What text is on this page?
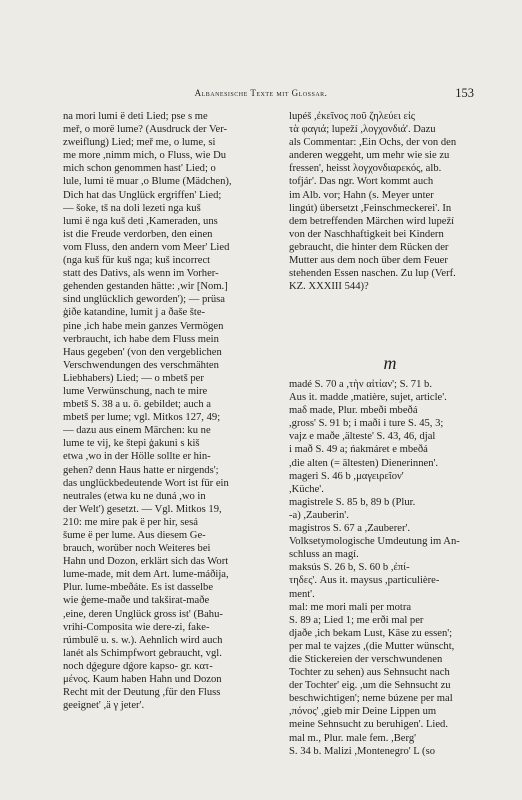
Albanesische Texte mit Glossar.	153
na mori lumi ë deti Lied; pse s me
meř, o morë lume? (Ausdruck der Ver-
zweiflung) Lied; meř me, o lume, si
me more ,nimm mich, o Fluss, wie Du
mich schon genommen hast' Lied; o
lule, lumi të muar ,o Blume (Mädchen),
Dich hat das Unglück ergriffen' Lied;
— šoke, tš na doli lezeti nga kuš
lumi ë nga kuš deti ,Kameraden, uns
ist die Freude verdorben, den einen
vom Fluss, den andern vom Meer' Lied
(nga kuš für kuš nga; kuš incorrect
statt des Dativs, als wenn im Vorher-
gehenden gestanden hätte: ,wir [Nom.]
sind unglücklich geworden'); — prüsa
ģiðe katandine, lumit j a ðaše šte-
pine ,ich habe mein ganzes Vermögen
verbraucht, ich habe dem Fluss mein
Haus gegeben' (von den vergeblichen
Verschwendungen des verschmähten
Liebhabers) Lied; — o mbetš per
lume Verwünschung, nach te mire
mbetš S. 38 a u. ö. gebildet; auch a
mbetš per lume; vgl. Mitkos 127, 49;
— dazu aus einem Märchen: ku ne
lume te vij, ke štepi ģakuni s kiš
etwa ,wo in der Hölle sollte er hin-
gehen? denn Haus hatte er nirgends';
das unglückbedeutende Wort ist für ein
neutrales (etwa ku ne duná ,wo in
der Welt') gesetzt. — Vgl. Mitkos 19,
210: me mire pak ë per hir, sesá
šume ë per lume. Aus diesem Ge-
brauch, worüber noch Weiteres bei
Hahn und Dozon, erklärt sich das Wort
lume-made, mit dem Art. lume-máðija,
Plur. lume-mbeðáte. Es ist dasselbe
wie ģeme-maðe und takširat-maðe
,eine, deren Unglück gross ist' (Bahu-
vrihi-Composita wie dere-zi, fake-
rúmbulë u. s. w.). Aehnlich wird auch
lanét als Schimpfwort gebraucht, vgl.
noch dǵegure dǵore kapso- gr. κατ-
μένος. Kaum haben Hahn und Dozon
Recht mit der Deutung ,für den Fluss
geeignet' ,ä γ jeter'.
lupéš ,ἐκεῖνος ποῦ ζηλεύει εἰς
τὰ φαγιά; lupeží ,λογχονδιά'. Dazu
als Commentar: ,Ein Ochs, der von den
anderen weggeht, um mehr wie sie zu
fressen', heisst λογχονδιαρεκός, alb.
tofjár'. Das ngr. Wort kommt auch
im Alb. vor; Hahn (s. Meyer unter
lingút) übersetzt ,Feinschmeckerei'. In
dem betreffenden Märchen wird lupeží
von der Naschhaftigkeit bei Kindern
gebraucht, die hinter dem Rücken der
Mutter aus dem noch über dem Feuer
stehenden Essen naschen. Zu lup (Verf.
KZ. XXXIII 544)?
m
madé S. 70 a ,τὴν αἰτίαν'; S. 71 b.
Aus it. madde ,matière, sujet, article'.
maδ made, Plur. mbeði mbeðá
,gross' S. 91 b; i maði i ture S. 45, 3;
vajz e maðe ,älteste' S. 43, 46, djal
i mað S. 49 a; ńakmáret e mbeðá
,die alten (= ältesten) Dienerinnen'.
mageri S. 46 b ,μαγειρεῖον'
,Küche'.
magistrele S. 85 b, 89 b (Plur.
-a) ,Zauberin'.
magistros S. 67 a ,Zauberer'.
Volksetymologische Umdeutung im An-
schluss an magí.
maksús S. 26 b, S. 60 b ,ἐπί-
τηδες'. Aus it. maysus ,particulière-
ment'.
mal: me mori mali per motra
S. 89 a; Lied 1; me erði mal per
djaðe ,ich bekam Lust, Käse zu essen';
per mal te vajzes ,(die Mutter wünscht,
die Stickereien der verschwundenen
Tochter zu sehen) aus Sehnsucht nach
der Tochter' eig. ,um die Sehnsucht zu
beschwichtigen'; neme búzene per mal
,πόνος' ,gieb mir Deine Lippen um
meine Sehnsucht zu beruhigen'. Lied.
mal m., Plur. male fem. ,Berg'
S. 34 b. Malizi ,Montenegro' L (so
